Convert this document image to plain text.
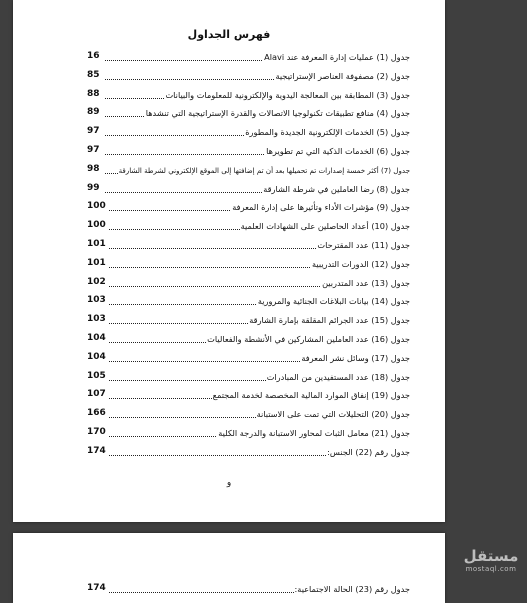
فهرس الجداول
جدول (1) عمليات إدارة المعرفة عند Alavi
16
جدول (2) مصفوفة العناصر الإستراتيجية
85
جدول (3) المطابقة بين المعالجة اليدوية والإلكترونية للمعلومات والبيانات
88
جدول (4) منافع تطبيقات تكنولوجيا الاتصالات والقدرة الإستراتيجية التي تنشدها
89
جدول (5) الخدمات الإلكترونية الجديدة والمطورة
97
جدول (6) الخدمات الذكية التي تم تطويرها
97
جدول (7) أكثر خمسة إصدارات تم تحميلها بعد أن تم إضافتها إلى الموقع الإلكتروني لشرطة الشارقة
98
جدول (8) رضا العاملين في شرطة الشارقة
99
جدول (9) مؤشرات الأداء وتأثيرها على إدارة المعرفة
100
جدول (10) أعداد الحاصلين على الشهادات العلمية
100
جدول (11) عدد المقترحات
101
جدول (12) الدورات التدريبية
101
جدول (13) عدد المتدربين
102
جدول (14) بيانات البلاغات الجنائية والمرورية
103
جدول (15) عدد الجرائم المقلقة بإمارة الشارقة
103
جدول (16) عدد العاملين المشاركين في الأنشطة والفعاليات
104
جدول (17) وسائل نشر المعرفة
104
جدول (18) عدد المستفيدين من المبادرات
105
جدول (19) إنفاق الموارد المالية المخصصة لخدمة المجتمع
107
جدول (20) التحليلات التي تمت على الاستبانة
166
جدول (21) معامل الثبات لمحاور الاستبانة والدرجة الكلية
170
جدول رقم (22) الجنس:
174
و
جدول رقم (23) الحالة الاجتماعية:
174
مستقل
mostaql.com
